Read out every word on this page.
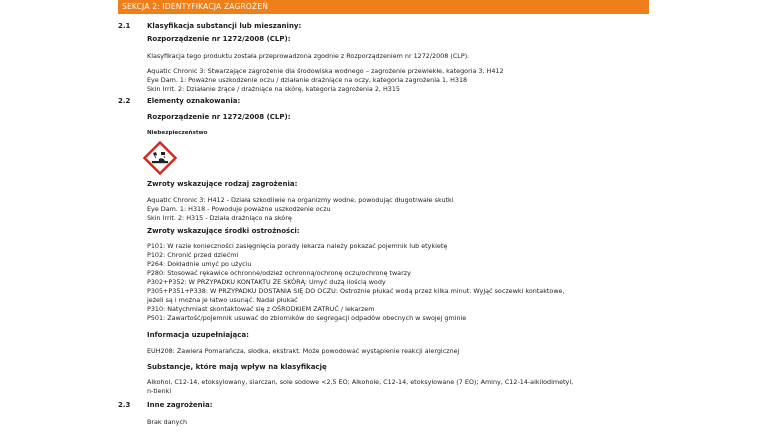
SEKCJA 2: IDENTYFIKACJA ZAGROŻEŃ
2.1 Klasyfikacja substancji lub mieszaniny:
Rozporządzenie nr 1272/2008 (CLP):
Klasyfikacja tego produktu została przeprowadzona zgodnie z Rozporządzeniem nr 1272/2008 (CLP).
Aquatic Chronic 3: Stwarzające zagrożenie dla środowiska wodnego – zagrożenie przewlekłe, kategoria 3, H412
Eye Dam. 1: Poważne uszkodzenie oczu / działanie drażniące na oczy, kategoria zagrożenia 1, H318
Skin Irrit. 2: Działanie żrące / drażniące na skórę, kategoria zagrożenia 2, H315
2.2 Elementy oznakowania:
Rozporządzenie nr 1272/2008 (CLP):
Niebezpieczeństwo
Zwroty wskazujące rodzaj zagrożenia:
Aquatic Chronic 3: H412 - Działa szkodliwie na organizmy wodne, powodując długotrwałe skutki
Eye Dam. 1: H318 - Powoduje poważne uszkodzenie oczu
Skin Irrit. 2: H315 - Działa drażniąco na skórę
Zwroty wskazujące środki ostrożności:
P101: W razie konieczności zasięgnięcia porady lekarza należy pokazać pojemnik lub etykietę
P102: Chronić przed dziećmi
P264: Dokładnie umyć po użyciu
P280: Stosować rękawice ochronne/odzież ochronną/ochronę oczu/ochronę twarzy
P302+P352: W PRZYPADKU KONTAKTU ZE SKÓRĄ: Umyć dużą ilością wody
P305+P351+P338: W PRZYPADKU DOSTANIA SIĘ DO OCZU: Ostrożnie płukać wodą przez kilka minut. Wyjąć soczewki kontaktowe,
jeżeli są i można je łatwo usunąć. Nadal płukać
P310: Natychmiast skontaktować się z OŚRODKIEM ZATRUĆ / lekarzem
P501: Zawartość/pojemnik usuwać do zbiorników do segregacji odpadów obecnych w swojej gminie
Informacja uzupełniająca:
EUH208: Zawiera Pomarańcza, słodka, ekstrakt. Może powodować wystąpienie reakcji alergicznej
Substancje, które mają wpływ na klasyfikację
Alkohol, C12-14, etoksylowany, siarczan, sole sodowe <2,5 EO; Alkohole, C12-14, etoksylowane (7 EO); Aminy, C12-14-alkilodimetyl,
n-tlenki
2.3 Inne zagrożenia:
Brak danych
